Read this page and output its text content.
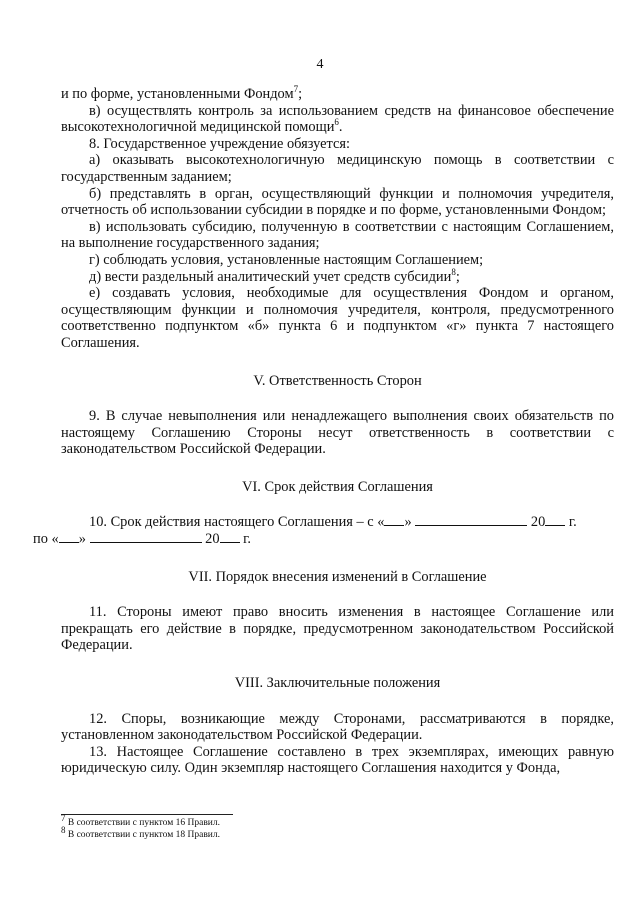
4

и по форме, установленными Фондом$^7$;

в) осуществлять контроль за использованием средств на финансовое обеспечение высокотехнологичной медицинской помощи$^6$.

8. Государственное учреждение обязуется:

а) оказывать высокотехнологичную медицинскую помощь в соответствии с государственным заданием;

б) представлять в орган, осуществляющий функции и полномочия учредителя, отчетность об использовании субсидии в порядке и по форме, установленными Фондом;

в) использовать субсидию, полученную в соответствии с настоящим Соглашением, на выполнение государственного задания;

г) соблюдать условия, установленные настоящим Соглашением;

д) вести раздельный аналитический учет средств субсидии$^8$;

е) создавать условия, необходимые для осуществления Фондом и органом, осуществляющим функции и полномочия учредителя, контроля, предусмотренного соответственно подпунктом «б» пункта 6 и подпунктом «г» пункта 7 настоящего Соглашения.

V. Ответственность Сторон

9. В случае невыполнения или ненадлежащего выполнения своих обязательств по настоящему Соглашению Стороны несут ответственность в соответствии с законодательством Российской Федерации.

VI. Срок действия Соглашения

10. Срок действия настоящего Соглашения – с « »	20 г.
по « »	20 г.

VII. Порядок внесения изменений в Соглашение

11. Стороны имеют право вносить изменения в настоящее Соглашение или прекращать его действие в порядке, предусмотренном законодательством Российской Федерации.

VIII. Заключительные положения

12. Споры, возникающие между Сторонами, рассматриваются в порядке, установленном законодательством Российской Федерации.

13. Настоящее Соглашение составлено в трех экземплярах, имеющих равную юридическую силу. Один экземпляр настоящего Соглашения находится у Фонда,

$^7$ В соответствии с пунктом 16 Правил.

$^8$ В соответствии с пунктом 18 Правил.
